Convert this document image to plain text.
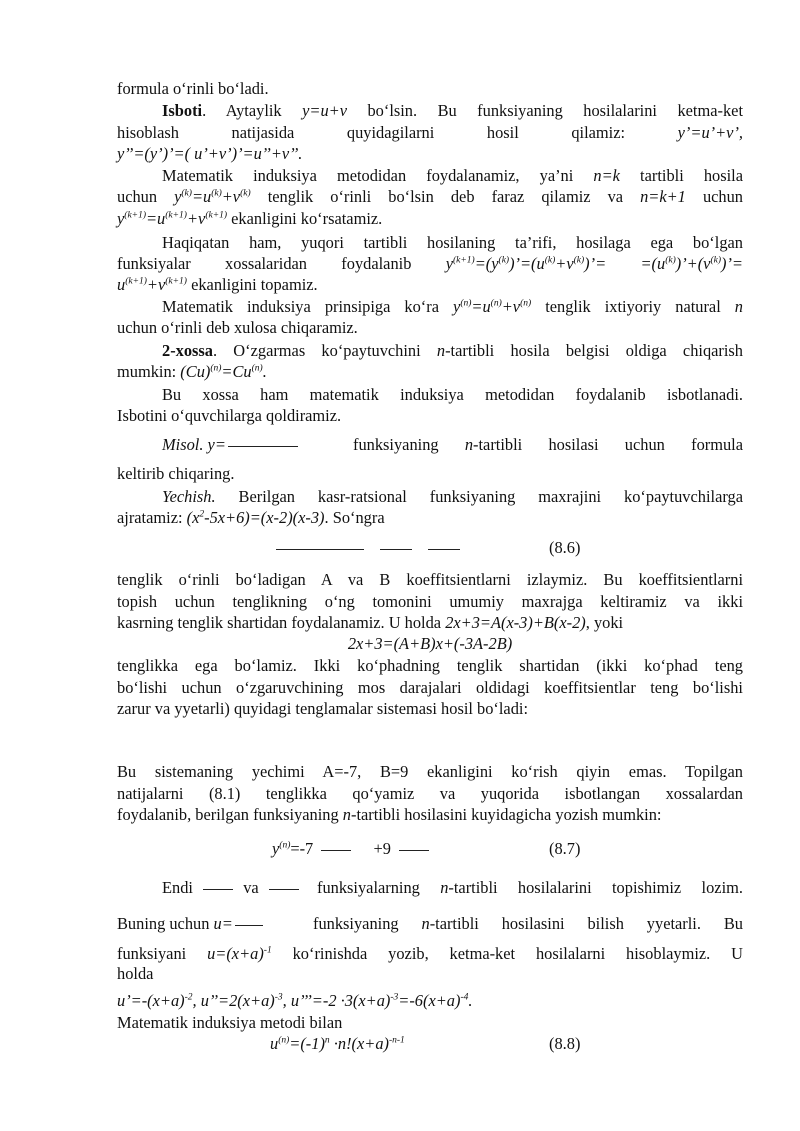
formula o‘rinli bo‘ladi.
Isboti. Aytaylik y=u+v bo‘lsin. Bu funksiyaning hosilalarini ketma-ket
hisoblash natijasida quyidagilarni hosil qilamiz:	y’=u’+v’,
y’’=(y’)’=( u’+v’)’=u’’+v’’.
Matematik induksiya metodidan foydalanamiz, ya’ni n=k tartibli hosila
uchun $y^{(k)}=u^{(k)}+v^{(k)}$ tenglik o‘rinli bo‘lsin deb faraz qilamiz va n=k+1 uchun
$y^{(k+1)}=u^{(k+1)}+v^{(k+1)}$ ekanligini ko‘rsatamiz.
Haqiqatan ham, yuqori tartibli hosilaning ta’rifi, hosilaga ega bo‘lgan
funksiyalar xossalaridan foydalanib $y^{(k+1)}=(y^{(k)})’=(u^{(k)}+v^{(k)})’=$ $=(u^{(k)})’+(v^{(k)})’=$
$u^{(k+1)}+v^{(k+1)}$ ekanligini topamiz.
Matematik induksiya prinsipiga ko‘ra $y^{(n)}=u^{(n)}+v^{(n)}$ tenglik ixtiyoriy natural n
uchun o‘rinli deb xulosa chiqaramiz.
2-xossa. O‘zgarmas ko‘paytuvchini n-tartibli hosila belgisi oldiga chiqarish
mumkin: $(Cu)^{(n)}=Cu^{(n)}$.
Bu xossa ham matematik induksiya metodidan foydalanib isbotlanadi.
Isbotini o‘quvchilarga qoldiramiz.
Misol. y=	funksiyaning n-tartibli hosilasi uchun formula
keltirib chiqaring.
Yechish. Berilgan kasr-ratsional funksiyaning maxrajini ko‘paytuvchilarga
ajratamiz: $(x^2-5x+6)=(x-2)(x-3)$. So‘ngra

(8.6)
tenglik o‘rinli bo‘ladigan A va B koeffitsientlarni izlaymiz. Bu koeffitsientlarni
topish uchun tenglikning o‘ng tomonini umumiy maxrajga keltiramiz va ikki
kasrning tenglik shartidan foydalanamiz. U holda 2x+3=A(x-3)+B(x-2), yoki
2x+3=(A+B)x+(-3A-2B)
tenglikka ega bo‘lamiz. Ikki ko‘phadning tenglik shartidan (ikki ko‘phad teng
bo‘lishi uchun o‘zgaruvchining mos darajalari oldidagi koeffitsientlar teng bo‘lishi
zarur va yyetarli) quyidagi tenglamalar sistemasi hosil bo‘ladi:
Bu sistemaning yechimi A=-7, B=9 ekanligini ko‘rish qiyin emas. Topilgan
natijalarni (8.1) tenglikka qo‘yamiz va yuqorida isbotlangan xossalardan
foydalanib, berilgan funksiyaning n-tartibli hosilasini kuyidagicha yozish mumkin:
$y^{(n)}=-7$	+9	(8.7)
Endi	va	funksiyalarning n-tartibli hosilalarini topishimiz lozim.
Buning uchun u=	funksiyaning n-tartibli hosilasini bilish yyetarli. Bu
funksiyani $u=(x+a)^{-1}$ ko‘rinishda yozib, ketma-ket hosilalarni hisoblaymiz. U
holda
$u’=-(x+a)^{-2}$, $u’’=2(x+a)^{-3}$, u’’’=-2 $\cdot 3(x+a)^{-3}=-6(x+a)^{-4}$.
Matematik induksiya metodi bilan
$u^{(n)}=(-1)^n \cdot n!(x+a)^{-n-1}$	(8.8)
